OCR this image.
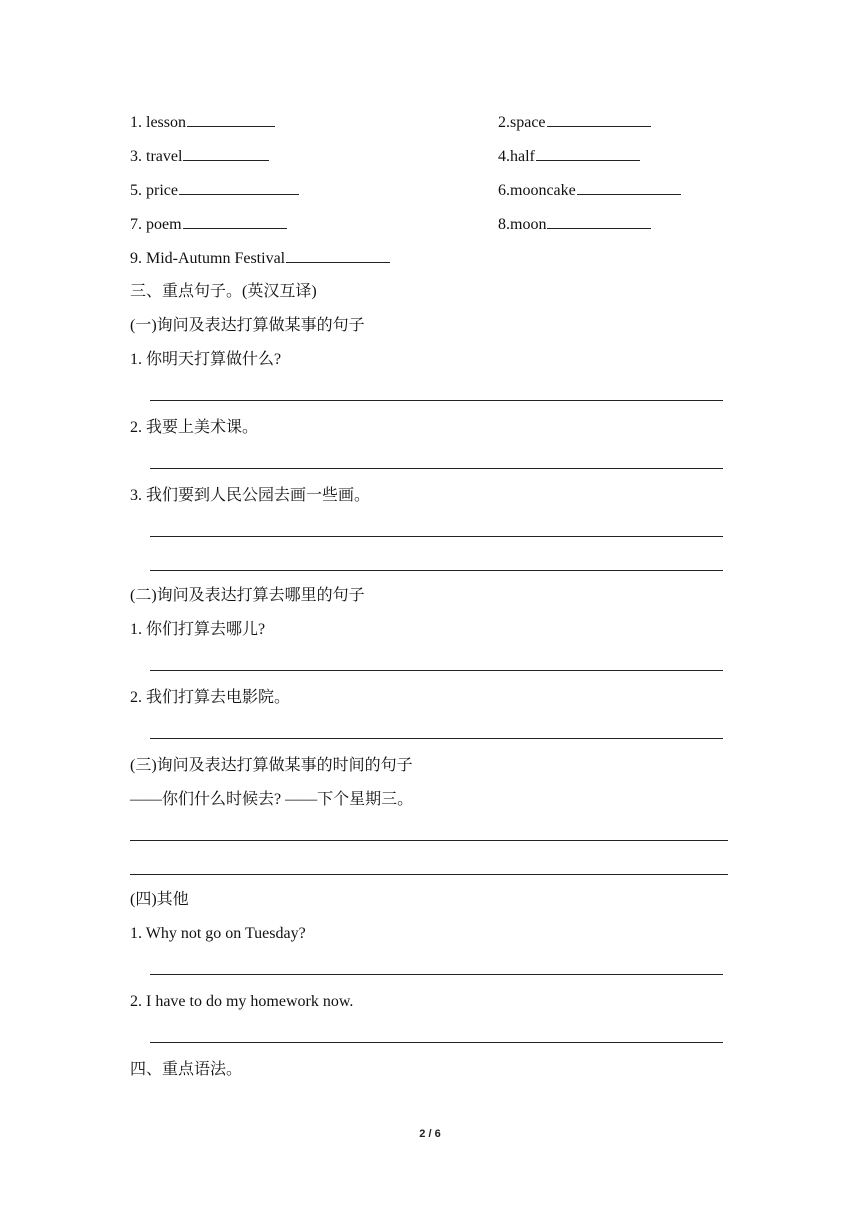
1. lesson	2.space
3. travel	4.half
5. price	6.mooncake
7. poem	8.moon
9. Mid-Autumn Festival
三、重点句子。(英汉互译)
(一)询问及表达打算做某事的句子
1. 你明天打算做什么?
2. 我要上美术课。
3. 我们要到人民公园去画一些画。
(二)询问及表达打算去哪里的句子
1. 你们打算去哪儿?
2. 我们打算去电影院。
(三)询问及表达打算做某事的时间的句子
——你们什么时候去? ——下个星期三。
(四)其他
1. Why not go on Tuesday?
2. I have to do my homework now.
四、重点语法。
2 / 6
